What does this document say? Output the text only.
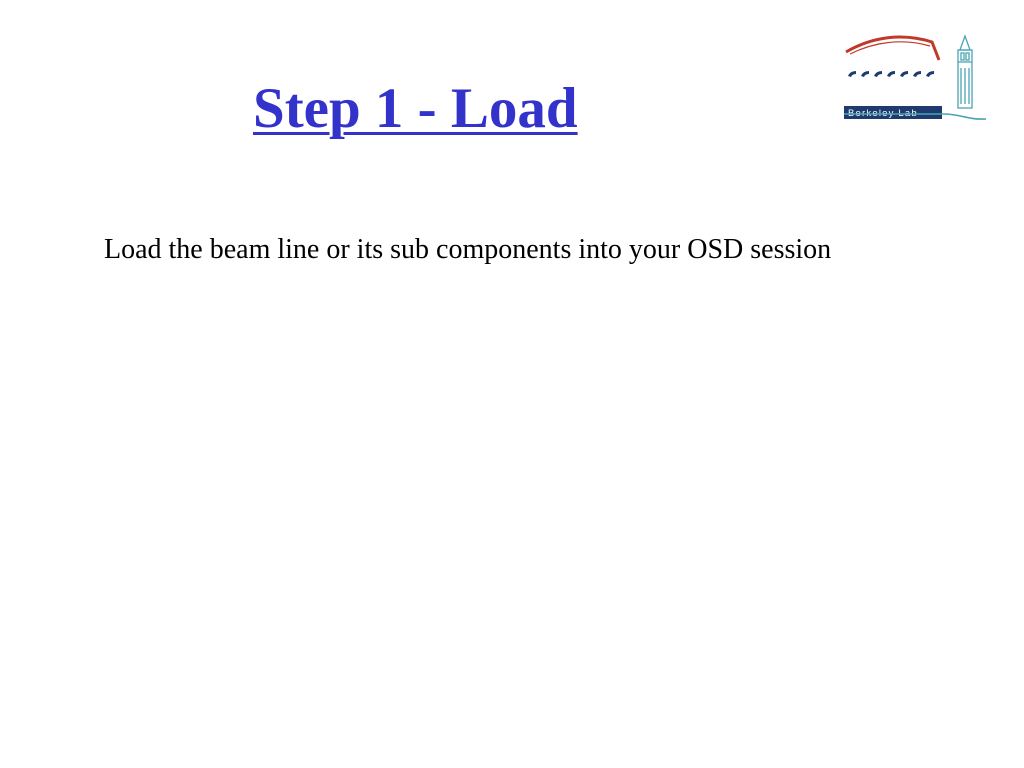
Step 1 - Load	Berkeley Lab

Load the beam line or its sub components into your OSD session
